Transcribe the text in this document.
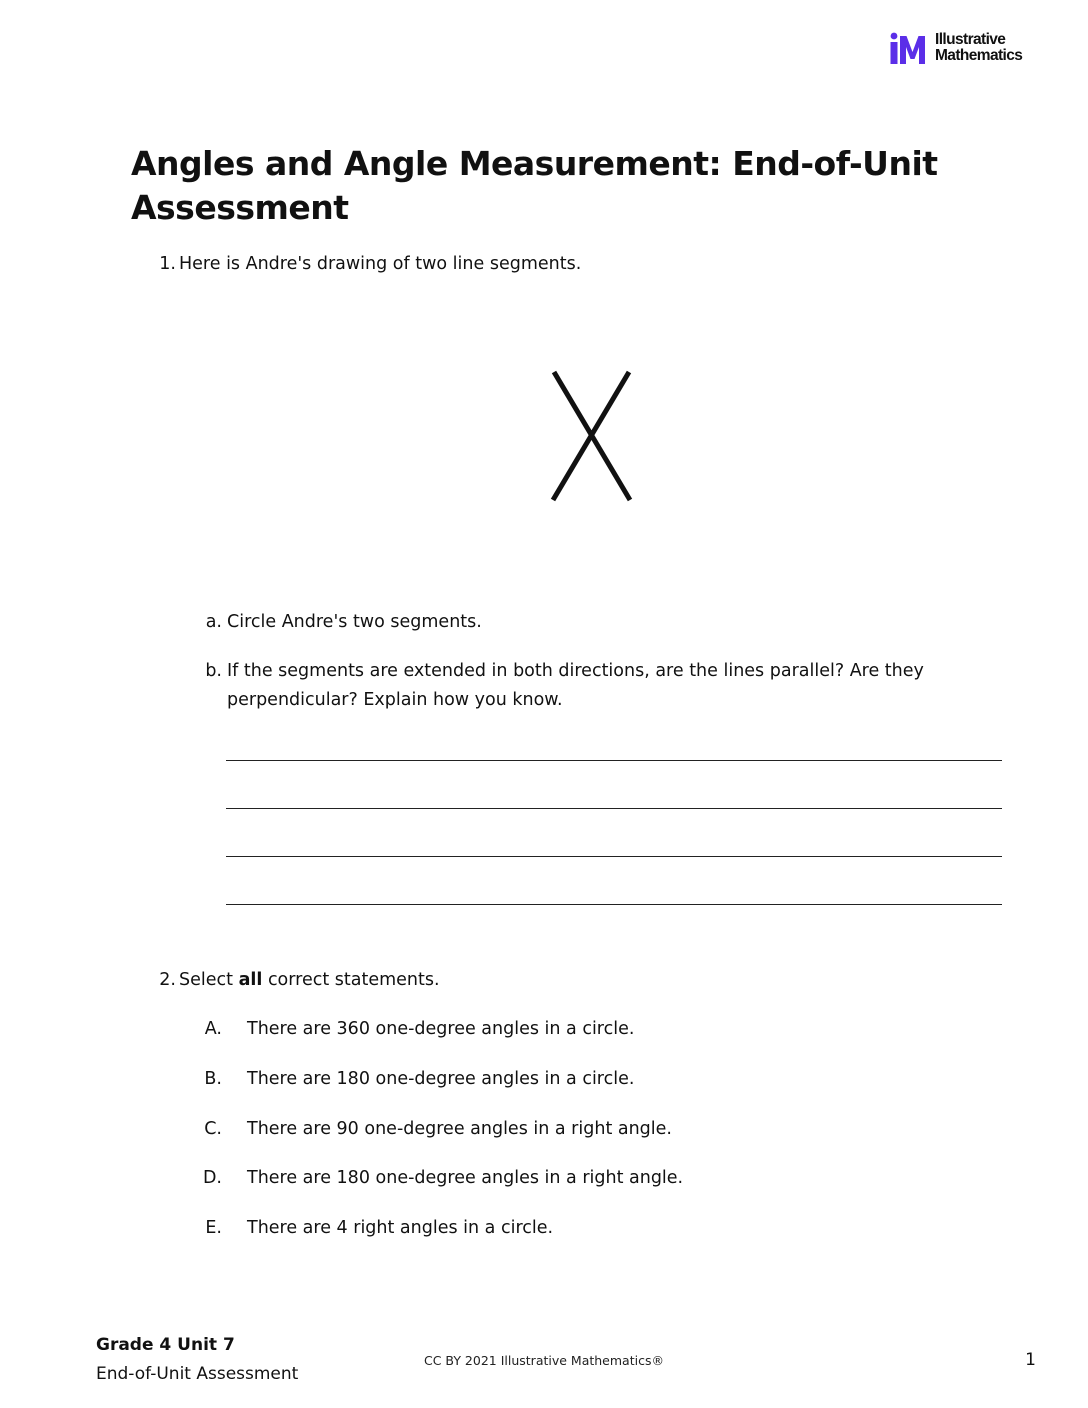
Illustrative
Mathematics
Angles and Angle Measurement: End-of-Unit Assessment
1. Here is Andre's drawing of two line segments.
a. Circle Andre's two segments.
b. If the segments are extended in both directions, are the lines parallel? Are they
perpendicular? Explain how you know.
2. Select all correct statements.
A. There are 360 one-degree angles in a circle.
B. There are 180 one-degree angles in a circle.
C. There are 90 one-degree angles in a right angle.
D. There are 180 one-degree angles in a right angle.
E. There are 4 right angles in a circle.
Grade 4 Unit 7
End-of-Unit Assessment
CC BY 2021 Illustrative Mathematics®	1
